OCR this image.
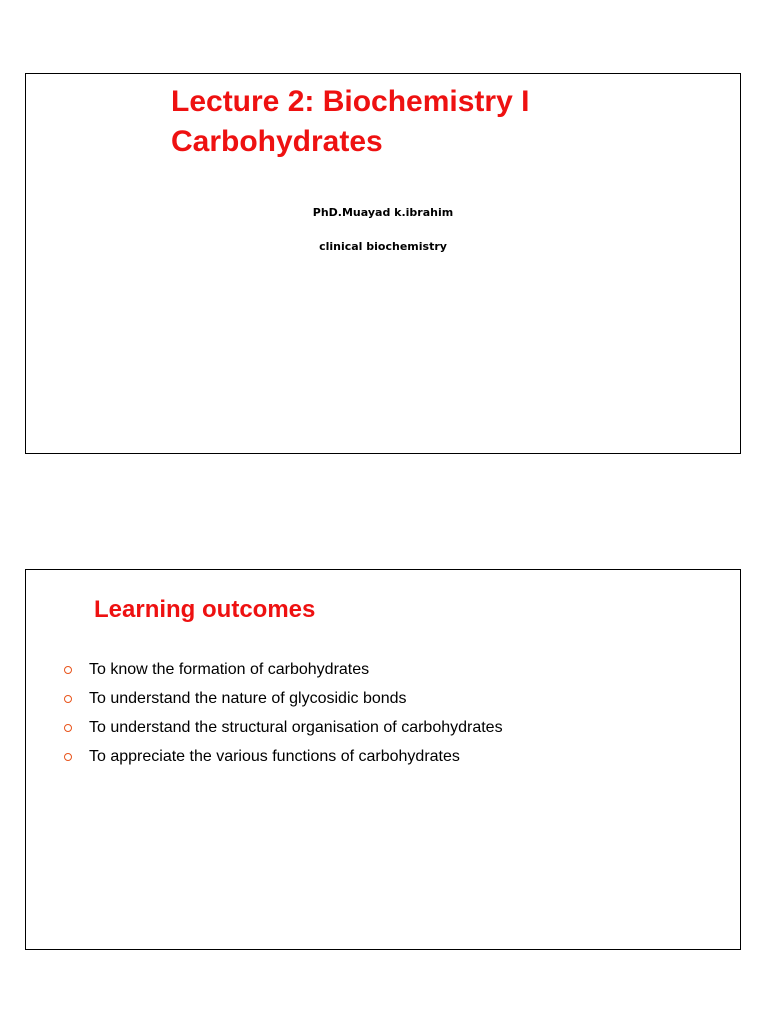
Lecture 2: Biochemistry I
Carbohydrates
PhD.Muayad k.ibrahim
clinical biochemistry
Learning outcomes
To know the formation of carbohydrates
To understand the nature of glycosidic bonds
To understand the structural organisation of carbohydrates
To appreciate the various functions of carbohydrates
